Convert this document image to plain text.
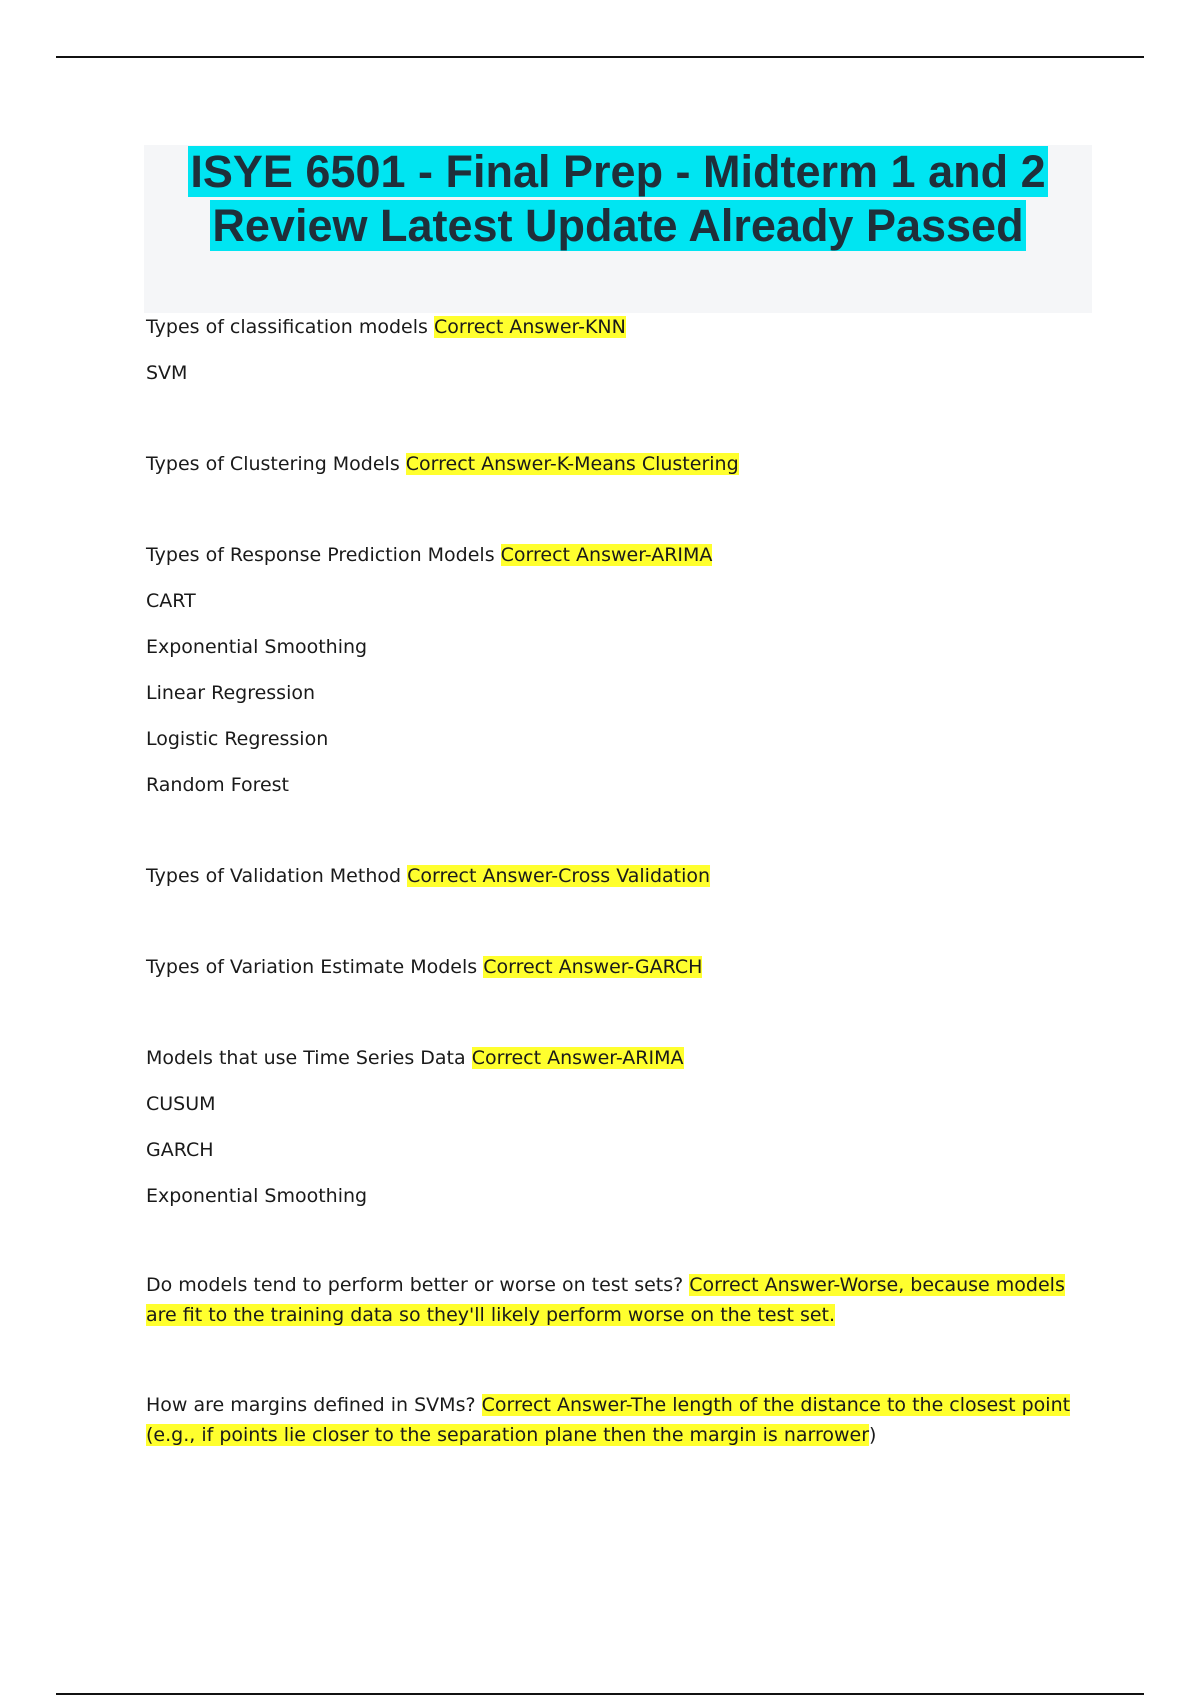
ISYE 6501 - Final Prep - Midterm 1 and 2
Review Latest Update Already Passed
Types of classification models Correct Answer-KNN
SVM
Types of Clustering Models Correct Answer-K-Means Clustering
Types of Response Prediction Models Correct Answer-ARIMA
CART
Exponential Smoothing
Linear Regression
Logistic Regression
Random Forest
Types of Validation Method Correct Answer-Cross Validation
Types of Variation Estimate Models Correct Answer-GARCH
Models that use Time Series Data Correct Answer-ARIMA
CUSUM
GARCH
Exponential Smoothing

Do models tend to perform better or worse on test sets? Correct Answer-Worse, because models are fit to the training data so they'll likely perform worse on the test set.

How are margins defined in SVMs? Correct Answer-The length of the distance to the closest point (e.g., if points lie closer to the separation plane then the margin is narrower)
